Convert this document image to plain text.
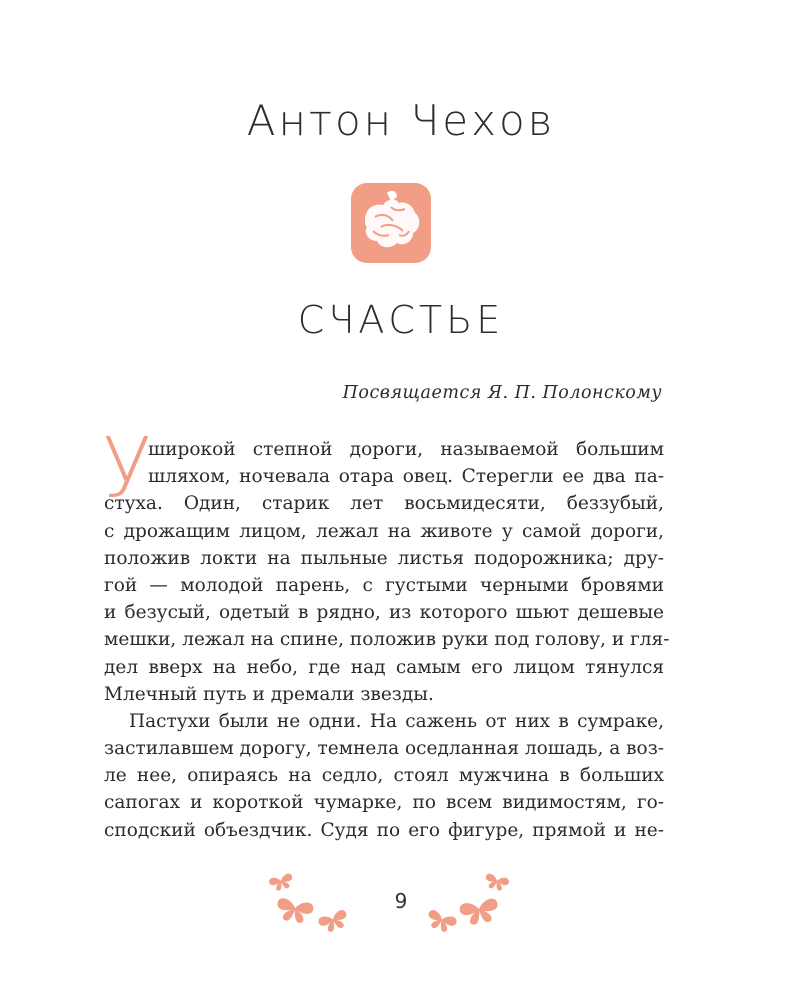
Антон Чехов
СЧАСТЬЕ
Посвящается Я. П. Полонскому
У
широкой степной дороги, называемой большим
шляхом, ночевала отара овец. Стерегли ее два па-
стуха. Один, старик лет восьмидесяти, беззубый,
с дрожащим лицом, лежал на животе у самой дороги,
положив локти на пыльные листья подорожника; дру-
гой — молодой парень, с густыми черными бровями
и безусый, одетый в рядно, из которого шьют дешевые
мешки, лежал на спине, положив руки под голову, и гля-
дел вверх на небо, где над самым его лицом тянулся
Млечный путь и дремали звезды.
Пастухи были не одни. На сажень от них в сумраке,
застилавшем дорогу, темнела оседланная лошадь, а воз-
ле нее, опираясь на седло, стоял мужчина в больших
сапогах и короткой чумарке, по всем видимостям, го-
сподский объездчик. Судя по его фигуре, прямой и не-
9
